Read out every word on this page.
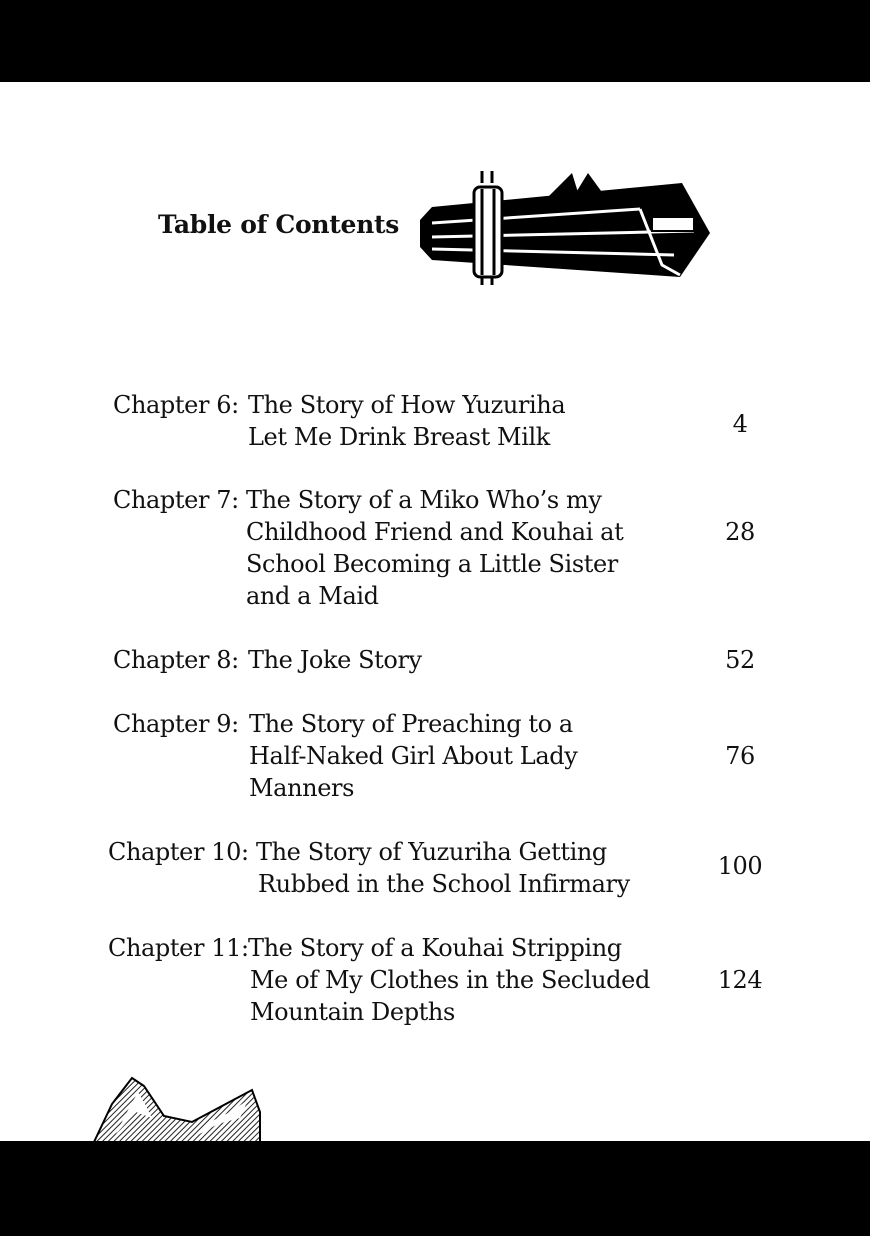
Table of Contents
Chapter 6: The Story of How Yuzuriha
Let Me Drink Breast Milk	4
Chapter 7: The Story of a Miko Who’s my
Childhood Friend and Kouhai at
School Becoming a Little Sister
and a Maid
28
Chapter 8: The Joke Story	52
Chapter 9: The Story of Preaching to a
Half-Naked Girl About Lady
Manners
76
Chapter 10: The Story of Yuzuriha Getting
Rubbed in the School Infirmary
100
Chapter 11: The Story of a Kouhai Stripping
Me of My Clothes in the Secluded
Mountain Depths
124
